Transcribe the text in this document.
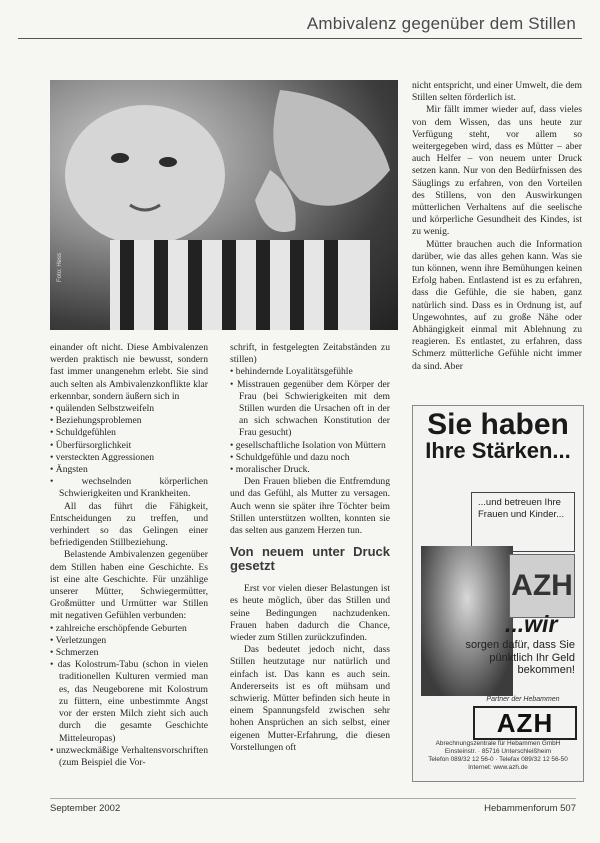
Ambivalenz gegenüber dem Stillen
Foto: Hess

einander oft nicht. Diese Ambivalenzen werden praktisch nie bewusst, sondern fast immer unangenehm erlebt. Sie sind auch selten als Ambivalenzkonflikte klar erkennbar, sondern äußern sich in

• quälenden Selbstzweifeln
• Beziehungsproblemen
• Schuldgefühlen
• Überfürsorglichkeit
• versteckten Aggressionen
• Ängsten
• wechselnden körperlichen Schwierigkeiten und Krankheiten.

All das führt die Fähigkeit, Entscheidungen zu treffen, und verhindert so das Gelingen einer befriedigenden Stillbeziehung.

Belastende Ambivalenzen gegenüber dem Stillen haben eine Geschichte. Es ist eine alte Geschichte. Für unzählige unserer Mütter, Schwiegermütter, Großmütter und Urmütter war Stillen mit negativen Gefühlen verbunden:

• zahlreiche erschöpfende Geburten
• Verletzungen
• Schmerzen
• das Kolostrum-Tabu (schon in vielen traditionellen Kulturen vermied man es, das Neugeborene mit Kolostrum zu füttern, eine unbestimmte Angst vor der ersten Milch zieht sich auch durch die gesamte Geschichte Mitteleuropas)
• unzweckmäßige Verhaltensvorschriften (zum Beispiel die Vor-

schrift, in festgelegten Zeitabständen zu stillen)

• behindernde Loyalitätsgefühle
• Misstrauen gegenüber dem Körper der Frau (bei Schwierigkeiten mit dem Stillen wurden die Ursachen oft in der an sich schwachen Konstitution der Frau gesucht)
• gesellschaftliche Isolation von Müttern
• Schuldgefühle und dazu noch
• moralischer Druck.

Den Frauen blieben die Entfremdung und das Gefühl, als Mutter zu versagen. Auch wenn sie später ihre Töchter beim Stillen unterstützen wollten, konnten sie das selten aus ganzem Herzen tun.

Von neuem unter Druck gesetzt

Erst vor vielen dieser Belastungen ist es heute möglich, über das Stillen und seine Bedingungen nachzudenken. Frauen haben dadurch die Chance, wieder zum Stillen zurückzufinden.

Das bedeutet jedoch nicht, dass Stillen heutzutage nur natürlich und einfach ist. Das kann es auch sein. Andererseits ist es oft mühsam und schwierig. Mütter befinden sich heute in einem Spannungsfeld zwischen sehr hohen Ansprüchen an sich selbst, einer eigenen Mutter-Erfahrung, die diesen Vorstellungen oft

nicht entspricht, und einer Umwelt, die dem Stillen selten förderlich ist.

Mir fällt immer wieder auf, dass vieles von dem Wissen, das uns heute zur Verfügung steht, vor allem so weitergegeben wird, dass es Mütter – aber auch Helfer – von neuem unter Druck setzen kann. Nur von den Bedürfnissen des Säuglings zu erfahren, von den Vorteilen des Stillens, von den Auswirkungen mütterlichen Verhaltens auf die seelische und körperliche Gesundheit des Kindes, ist zu wenig.

Mütter brauchen auch die Information darüber, wie das alles gehen kann. Was sie tun können, wenn ihre Bemühungen keinen Erfolg haben. Entlastend ist es zu erfahren, dass die Gefühle, die sie haben, ganz natürlich sind. Dass es in Ordnung ist, auf Ungewohntes, auf zu große Nähe oder Abhängigkeit einmal mit Ablehnung zu reagieren. Es entlastet, zu erfahren, dass Schmerz mütterliche Gefühle nicht immer da sind. Aber

Sie haben
Ihre Stärken...
...und betreuen Ihre Frauen und Kinder...
AZH
...wir
sorgen dafür, dass Sie pünktlich Ihr Geld bekommen!
Partner der Hebammen
AZH
Abrechnungszentrale für Hebammen GmbH
Einsteinstr. · 85716 Unterschleißheim
Telefon 089/32 12 56-0 · Telefax 089/32 12 56-50
Internet: www.azh.de
September 2002	Hebammenforum 507
